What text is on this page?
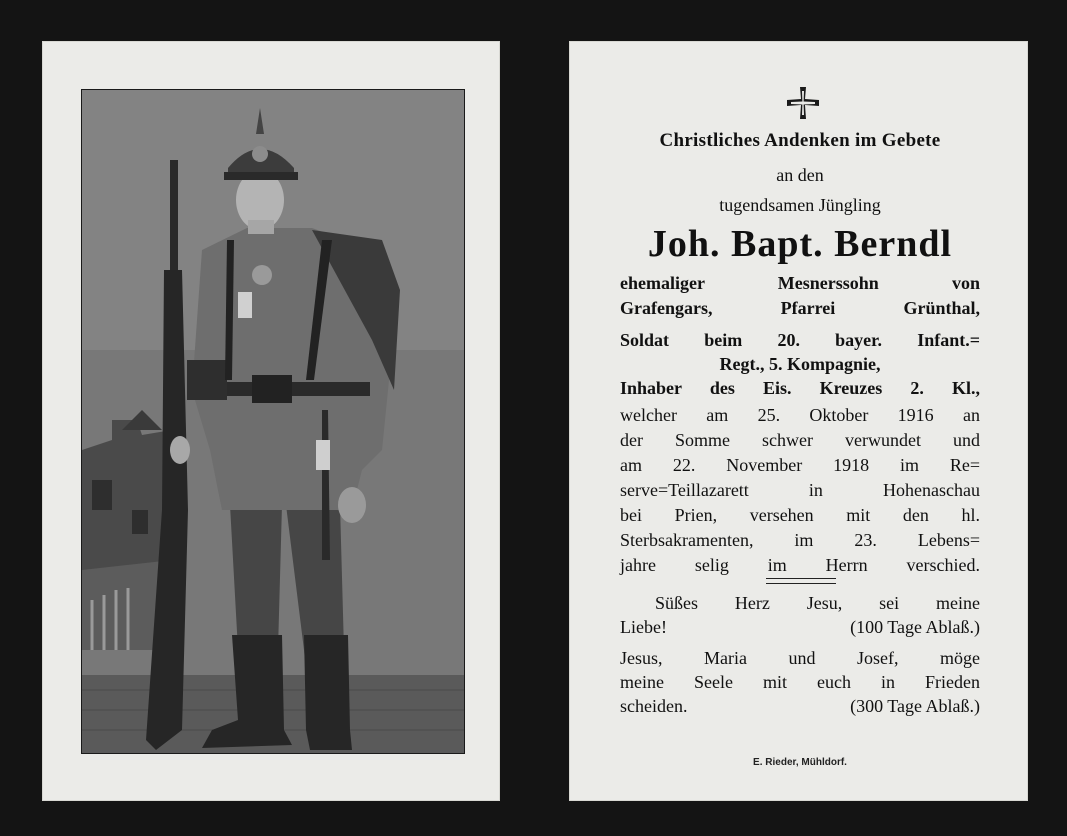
Christliches Andenken im Gebete
an den
tugendsamen Jüngling
Joh. Bapt. Berndl
ehemaliger Mesnerssohn von
Grafengars, Pfarrei Grünthal,
Soldat beim 20. bayer. Infant.=
Regt., 5. Kompagnie,
Inhaber des Eis. Kreuzes 2. Kl.,
welcher am 25. Oktober 1916 an
der Somme schwer verwundet und
am 22. November 1918 im Re=
serve=Teillazarett in Hohenaschau
bei Prien, versehen mit den hl.
Sterbsakramenten, im 23. Lebens=
jahre selig im Herrn verschied.
Süßes Herz Jesu, sei meine
Liebe!	(100 Tage Ablaß.)
Jesus, Maria und Josef, möge
meine Seele mit euch in Frieden
scheiden.	(300 Tage Ablaß.)
E. Rieder, Mühldorf.
